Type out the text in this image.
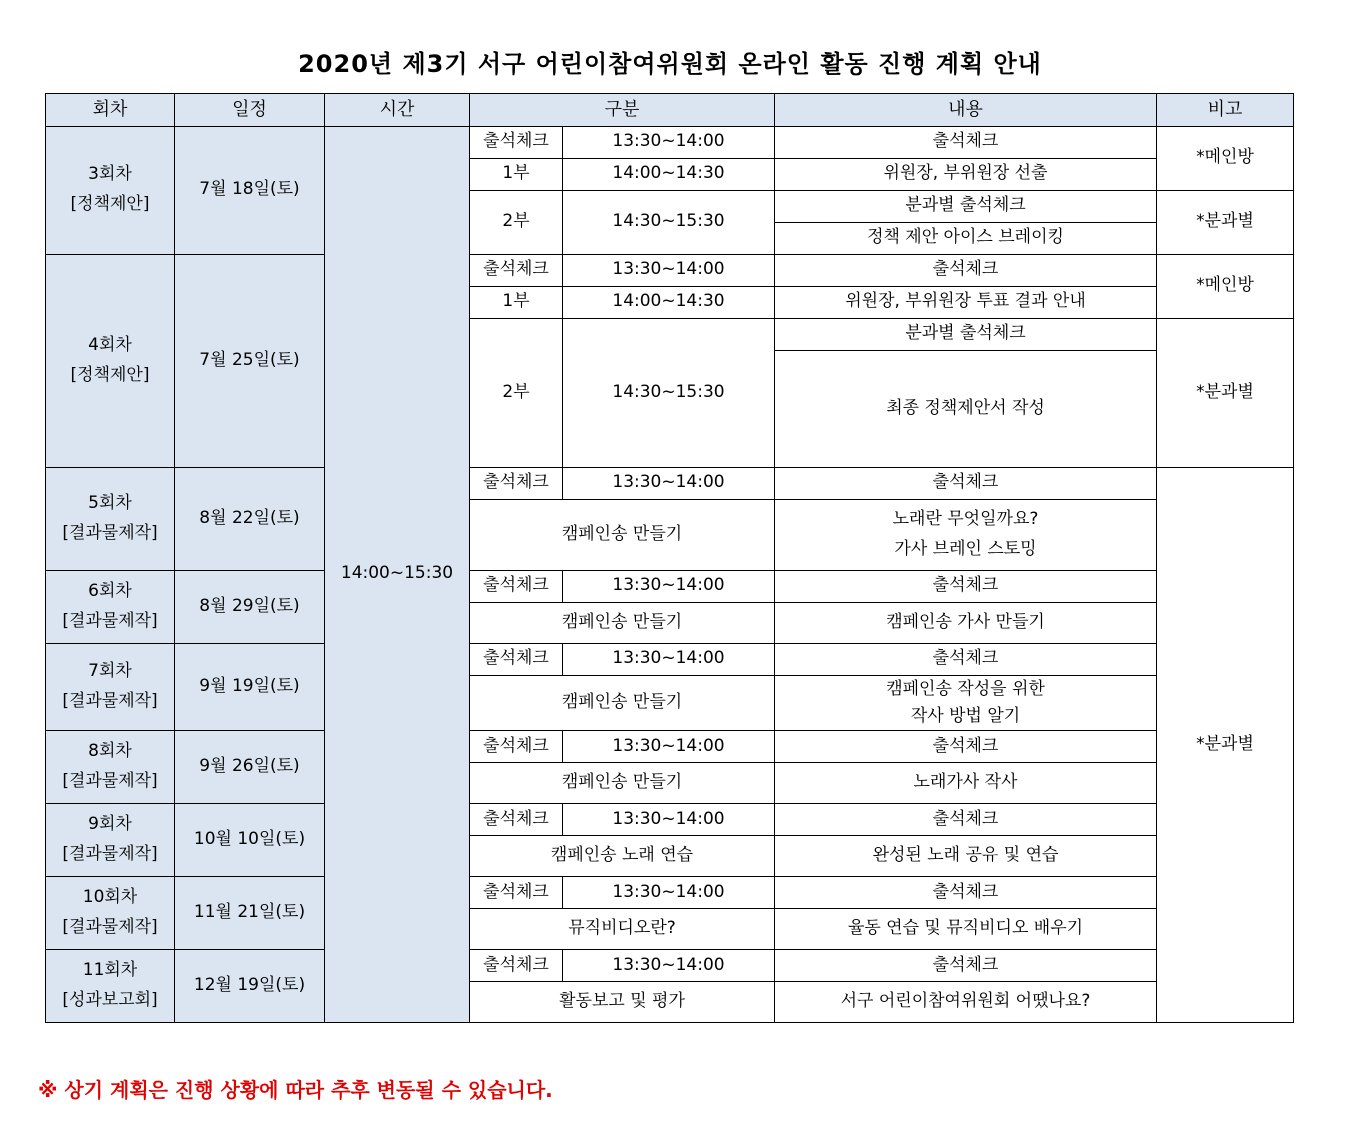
2020년 제3기 서구 어린이참여위원회 온라인 활동 진행 계획 안내
회차	일정	시간	구분		내용	비고
3회차
[정책제안]	7월 18일(토)	14:00~15:30	출석체크	13:30~14:00	출석체크	*메인방
			1부	14:00~14:30	위원장, 부위원장 선출	
			2부	14:30~15:30	분과별 출석체크	*분과별
					정책 제안 아이스 브레이킹	
4회차
[정책제안]	7월 25일(토)		출석체크	13:30~14:00	출석체크	*메인방
			1부	14:00~14:30	위원장, 부위원장 투표 결과 안내	
			2부	14:30~15:30	분과별 출석체크	*분과별
					최종 정책제안서 작성	

5회차
[결과물제작]	8월 22일(토)		출석체크	13:30~14:00	출석체크	*분과별
			캠페인송 만들기		노래란 무엇일까요?
가사 브레인 스토밍	

6회차
[결과물제작]	8월 29일(토)		출석체크	13:30~14:00	출석체크	
			캠페인송 만들기		캠페인송 가사 만들기	
7회차
[결과물제작]	9월 19일(토)		출석체크	13:30~14:00	출석체크	
			캠페인송 만들기		캠페인송 작성을 위한
작사 방법 알기	

8회차
[결과물제작]	9월 26일(토)		출석체크	13:30~14:00	출석체크	
			캠페인송 만들기		노래가사 작사	
9회차
[결과물제작]	10월 10일(토)		출석체크	13:30~14:00	출석체크	
			캠페인송 노래 연습		완성된 노래 공유 및 연습	
10회차
[결과물제작]	11월 21일(토)		출석체크	13:30~14:00	출석체크	
			뮤직비디오란?		율동 연습 및 뮤직비디오 배우기	
11회차
[성과보고회]	12월 19일(토)		출석체크	13:30~14:00	출석체크	
			활동보고 및 평가		서구 어린이참여위원회 어땠나요?	
※ 상기 계획은 진행 상황에 따라 추후 변동될 수 있습니다.
